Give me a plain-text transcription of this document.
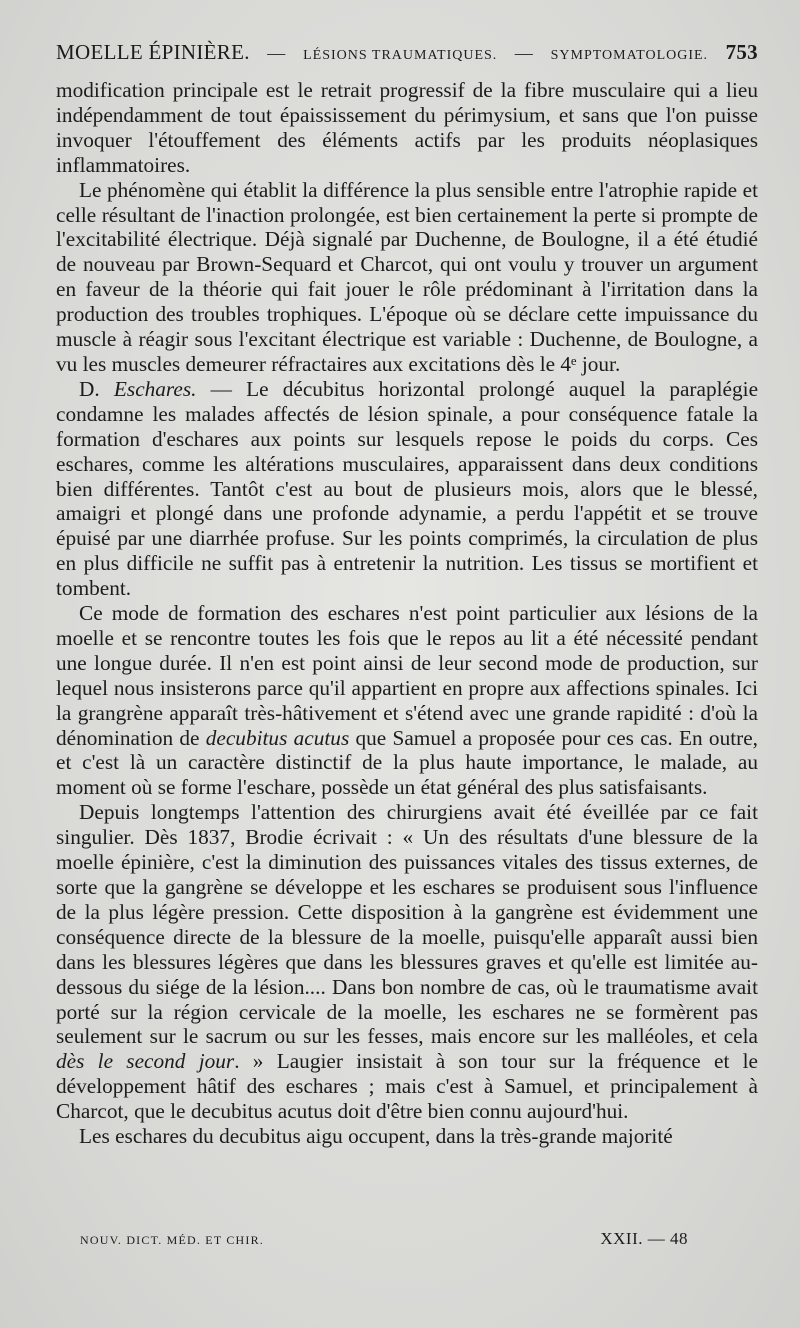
MOELLE ÉPINIÈRE. — LÉSIONS TRAUMATIQUES. — SYMPTOMATOLOGIE. 753

modification principale est le retrait progressif de la fibre musculaire qui a lieu indépendamment de tout épaississement du périmysium, et sans que l'on puisse invoquer l'étouffement des éléments actifs par les produits néoplasiques inflammatoires.

Le phénomène qui établit la différence la plus sensible entre l'atrophie rapide et celle résultant de l'inaction prolongée, est bien certainement la perte si prompte de l'excitabilité électrique. Déjà signalé par Duchenne, de Boulogne, il a été étudié de nouveau par Brown-Sequard et Charcot, qui ont voulu y trouver un argument en faveur de la théorie qui fait jouer le rôle prédominant à l'irritation dans la production des troubles trophiques. L'époque où se déclare cette impuissance du muscle à réagir sous l'excitant électrique est variable : Duchenne, de Boulogne, a vu les muscles demeurer réfractaires aux excitations dès le 4ᵉ jour.

D. Eschares. — Le décubitus horizontal prolongé auquel la paraplégie condamne les malades affectés de lésion spinale, a pour conséquence fatale la formation d'eschares aux points sur lesquels repose le poids du corps. Ces eschares, comme les altérations musculaires, apparaissent dans deux conditions bien différentes. Tantôt c'est au bout de plusieurs mois, alors que le blessé, amaigri et plongé dans une profonde adynamie, a perdu l'appétit et se trouve épuisé par une diarrhée profuse. Sur les points comprimés, la circulation de plus en plus difficile ne suffit pas à entretenir la nutrition. Les tissus se mortifient et tombent.

Ce mode de formation des eschares n'est point particulier aux lésions de la moelle et se rencontre toutes les fois que le repos au lit a été nécessité pendant une longue durée. Il n'en est point ainsi de leur second mode de production, sur lequel nous insisterons parce qu'il appartient en propre aux affections spinales. Ici la grangrène apparaît très-hâtivement et s'étend avec une grande rapidité : d'où la dénomination de decubitus acutus que Samuel a proposée pour ces cas. En outre, et c'est là un caractère distinctif de la plus haute importance, le malade, au moment où se forme l'eschare, possède un état général des plus satisfaisants.

Depuis longtemps l'attention des chirurgiens avait été éveillée par ce fait singulier. Dès 1837, Brodie écrivait : « Un des résultats d'une blessure de la moelle épinière, c'est la diminution des puissances vitales des tissus externes, de sorte que la gangrène se développe et les eschares se produisent sous l'influence de la plus légère pression. Cette disposition à la gangrène est évidemment une conséquence directe de la blessure de la moelle, puisqu'elle apparaît aussi bien dans les blessures légères que dans les blessures graves et qu'elle est limitée au-dessous du siége de la lésion.... Dans bon nombre de cas, où le traumatisme avait porté sur la région cervicale de la moelle, les eschares ne se formèrent pas seulement sur le sacrum ou sur les fesses, mais encore sur les malléoles, et cela dès le second jour. » Laugier insistait à son tour sur la fréquence et le développement hâtif des eschares ; mais c'est à Samuel, et principalement à Charcot, que le decubitus acutus doit d'être bien connu aujourd'hui.

Les eschares du decubitus aigu occupent, dans la très-grande majorité

NOUV. DICT. MÉD. ET CHIR.	XXII. — 48
